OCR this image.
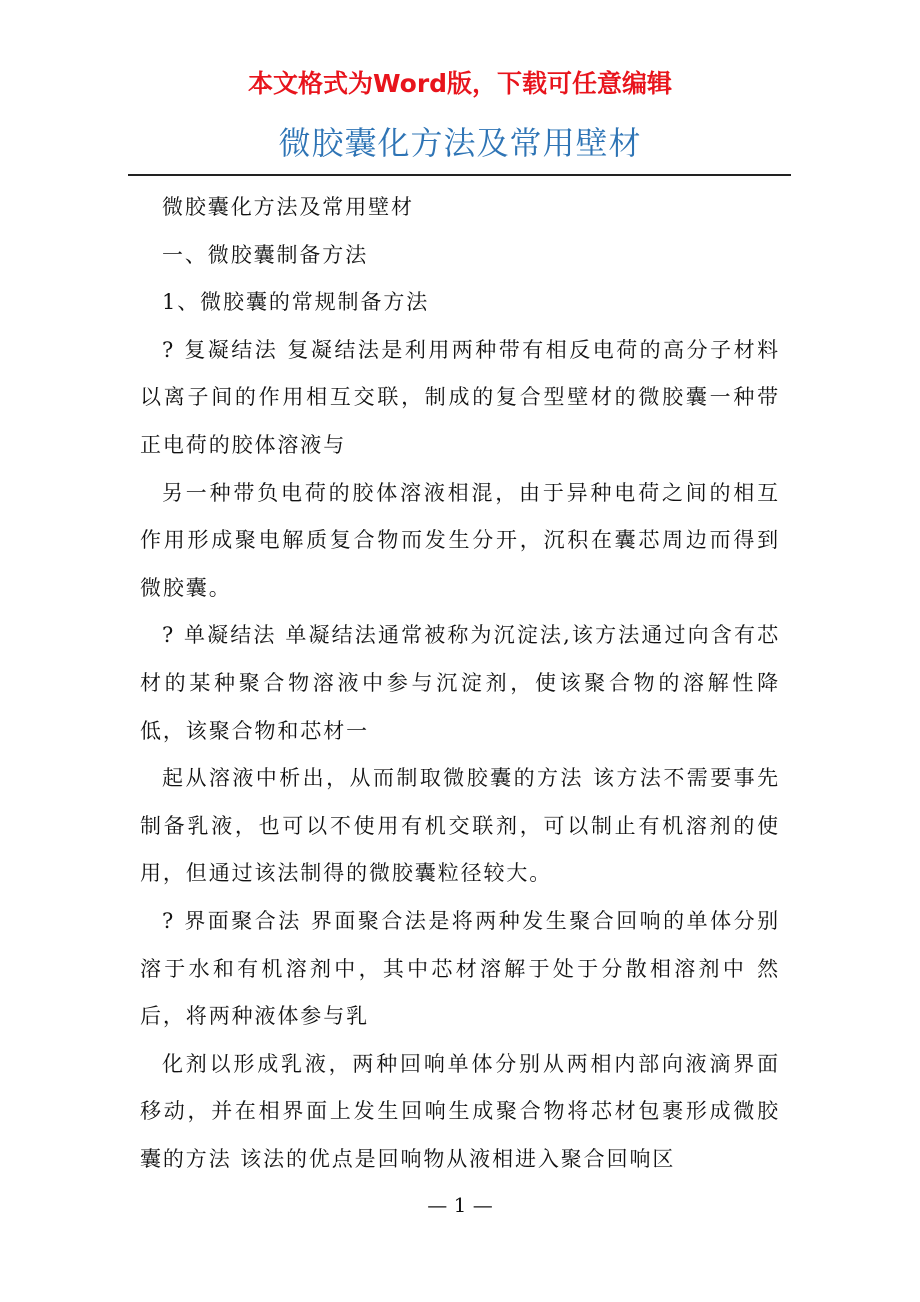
本文格式为Word版，下载可任意编辑
微胶囊化方法及常用壁材

微胶囊化方法及常用壁材

一、微胶囊制备方法

1、微胶囊的常规制备方法

? 复凝结法 复凝结法是利用两种带有相反电荷的高分子材料以离子间的作用相互交联，制成的复合型壁材的微胶囊一种带正电荷的胶体溶液与

另一种带负电荷的胶体溶液相混，由于异种电荷之间的相互作用形成聚电解质复合物而发生分开，沉积在囊芯周边而得到微胶囊。

? 单凝结法 单凝结法通常被称为沉淀法,该方法通过向含有芯材的某种聚合物溶液中参与沉淀剂，使该聚合物的溶解性降低，该聚合物和芯材一

起从溶液中析出，从而制取微胶囊的方法 该方法不需要事先制备乳液，也可以不使用有机交联剂，可以制止有机溶剂的使用，但通过该法制得的微胶囊粒径较大。

? 界面聚合法 界面聚合法是将两种发生聚合回响的单体分别溶于水和有机溶剂中，其中芯材溶解于处于分散相溶剂中 然后，将两种液体参与乳

化剂以形成乳液，两种回响单体分别从两相内部向液滴界面移动，并在相界面上发生回响生成聚合物将芯材包裹形成微胶囊的方法 该法的优点是回响物从液相进入聚合回响区

— 1 —
